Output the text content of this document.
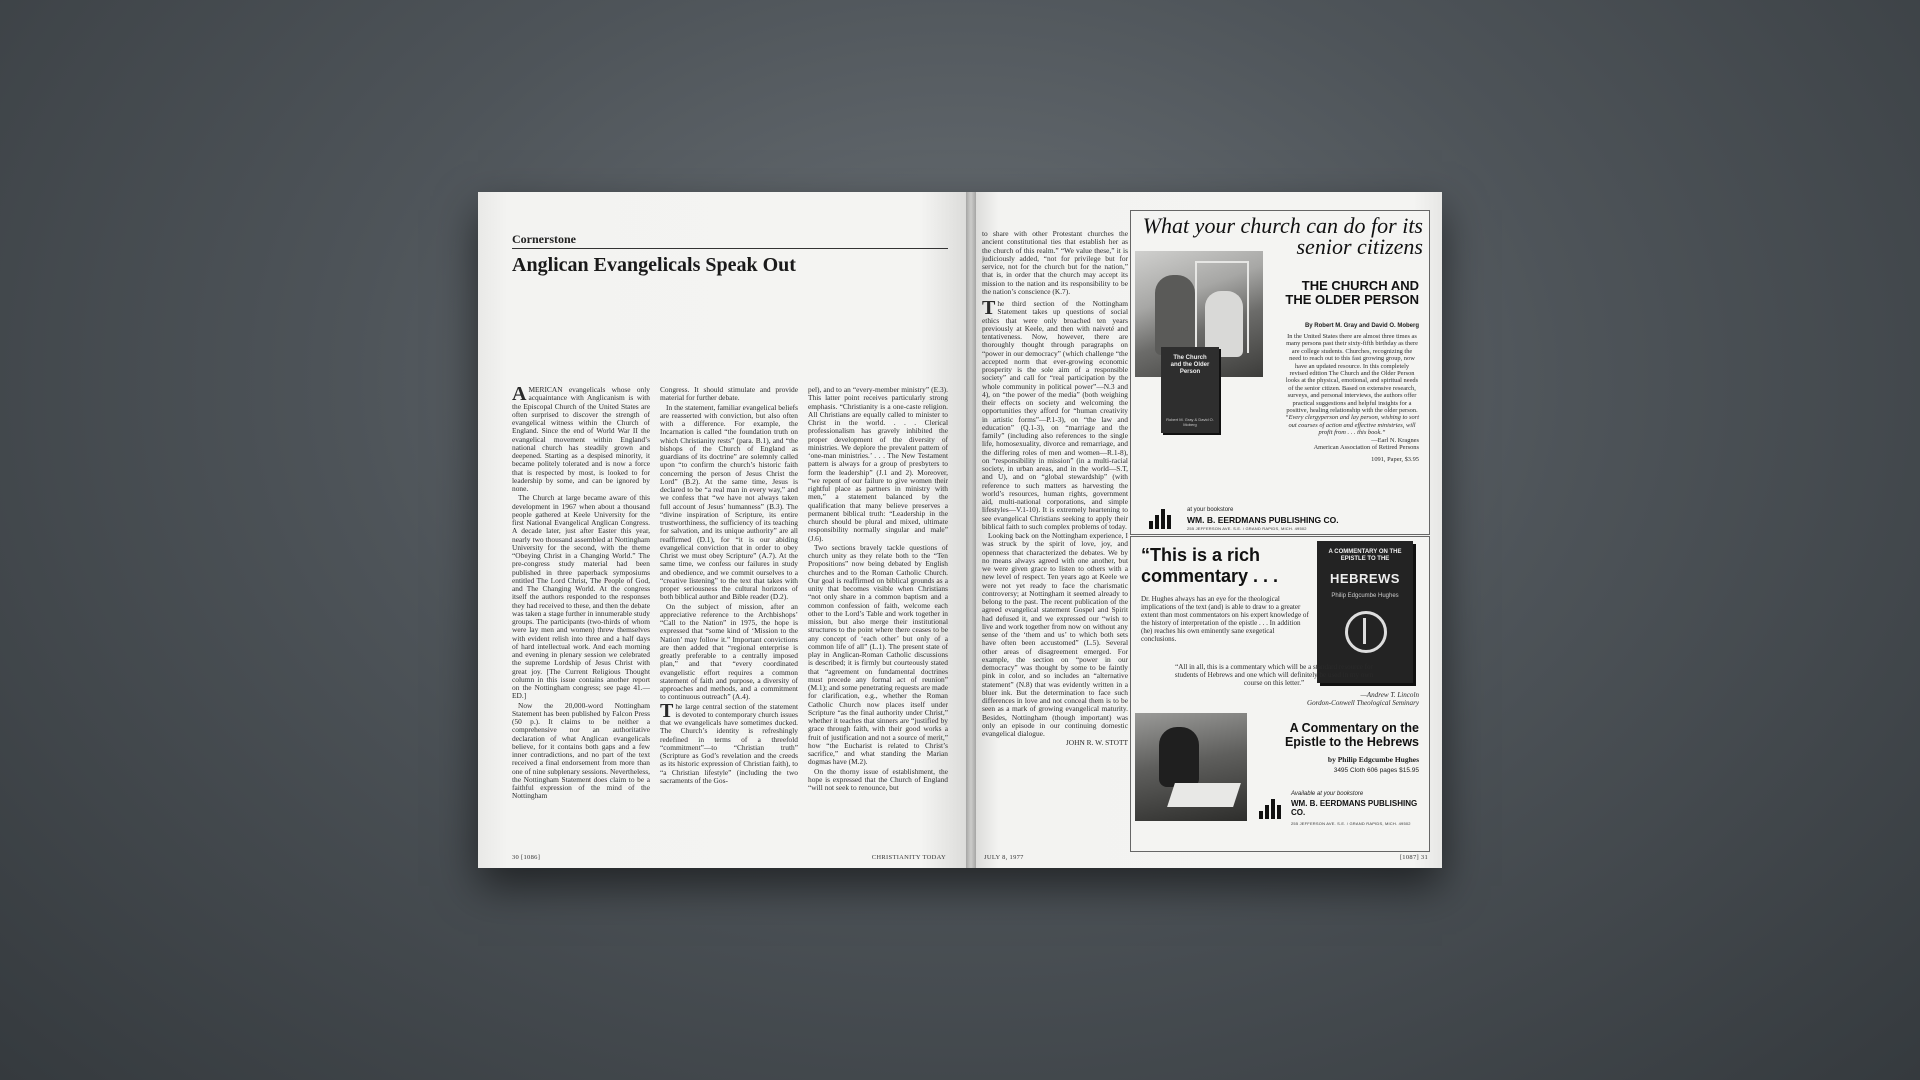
Cornerstone
Anglican Evangelicals Speak Out

AMERICAN evangelicals whose only acquaintance with Anglicanism is with the Episcopal Church of the United States are often surprised to discover the strength of evangelical witness within the Church of England. Since the end of World War II the evangelical movement within England’s national church has steadily grown and deepened. Starting as a despised minority, it became politely tolerated and is now a force that is respected by most, is looked to for leadership by some, and can be ignored by none.

The Church at large became aware of this development in 1967 when about a thousand people gathered at Keele University for the first National Evangelical Anglican Congress. A decade later, just after Easter this year, nearly two thousand assembled at Nottingham University for the second, with the theme “Obeying Christ in a Changing World.” The pre-congress study material had been published in three paperback symposiums entitled The Lord Christ, The People of God, and The Changing World. At the congress itself the authors responded to the responses they had received to these, and then the debate was taken a stage further in innumerable study groups. The participants (two-thirds of whom were lay men and women) threw themselves with evident relish into three and a half days of hard intellectual work. And each morning and evening in plenary session we celebrated the supreme Lordship of Jesus Christ with great joy. [The Current Religious Thought column in this issue contains another report on the Nottingham congress; see page 41.—ED.]

Now the 20,000-word Nottingham Statement has been published by Falcon Press (50 p.). It claims to be neither a comprehensive nor an authoritative declaration of what Anglican evangelicals believe, for it contains both gaps and a few inner contradictions, and no part of the text received a final endorsement from more than one of nine subplenary sessions. Nevertheless, the Nottingham Statement does claim to be a faithful expression of the mind of the Nottingham

Congress. It should stimulate and provide material for further debate.

In the statement, familiar evangelical beliefs are reasserted with conviction, but also often with a difference. For example, the Incarnation is called “the foundation truth on which Christianity rests” (para. B.1), and “the bishops of the Church of England as guardians of its doctrine” are solemnly called upon “to confirm the church’s historic faith concerning the person of Jesus Christ the Lord” (B.2). At the same time, Jesus is declared to be “a real man in every way,” and we confess that “we have not always taken full account of Jesus’ humanness” (B.3). The “divine inspiration of Scripture, its entire trustworthiness, the sufficiency of its teaching for salvation, and its unique authority” are all reaffirmed (D.1), for “it is our abiding evangelical conviction that in order to obey Christ we must obey Scripture” (A.7). At the same time, we confess our failures in study and obedience, and we commit ourselves to a “creative listening” to the text that takes with proper seriousness the cultural horizons of both biblical author and Bible reader (D.2).

On the subject of mission, after an appreciative reference to the Archbishops’ “Call to the Nation” in 1975, the hope is expressed that “some kind of ‘Mission to the Nation’ may follow it.” Important convictions are then added that “regional enterprise is greatly preferable to a centrally imposed plan,” and that “every coordinated evangelistic effort requires a common statement of faith and purpose, a diversity of approaches and methods, and a commitment to continuous outreach” (A.4).

The large central section of the statement is devoted to contemporary church issues that we evangelicals have sometimes ducked. The Church’s identity is refreshingly redefined in terms of a threefold “commitment”—to “Christian truth” (Scripture as God’s revelation and the creeds as its historic expression of Christian faith), to “a Christian lifestyle” (including the two sacraments of the Gos-

pel), and to an “every-member ministry” (E.3). This latter point receives particularly strong emphasis. “Christianity is a one-caste religion. All Christians are equally called to minister to Christ in the world. . . . Clerical professionalism has gravely inhibited the proper development of the diversity of ministries. We deplore the prevalent pattern of ‘one-man ministries.’ . . . The New Testament pattern is always for a group of presbyters to form the leadership” (J.1 and 2). Moreover, “we repent of our failure to give women their rightful place as partners in ministry with men,” a statement balanced by the qualification that many believe preserves a permanent biblical truth: “Leadership in the church should be plural and mixed, ultimate responsibility normally singular and male” (J.6).

Two sections bravely tackle questions of church unity as they relate both to the “Ten Propositions” now being debated by English churches and to the Roman Catholic Church. Our goal is reaffirmed on biblical grounds as a unity that becomes visible when Christians “not only share in a common baptism and a common confession of faith, welcome each other to the Lord’s Table and work together in mission, but also merge their institutional structures to the point where there ceases to be any concept of ‘each other’ but only of a common life of all” (L.1). The present state of play in Anglican-Roman Catholic discussions is described; it is firmly but courteously stated that “agreement on fundamental doctrines must precede any formal act of reunion” (M.1); and some penetrating requests are made for clarification, e.g., whether the Roman Catholic Church now places itself under Scripture “as the final authority under Christ,” whether it teaches that sinners are “justified by grace through faith, with their good works a fruit of justification and not a source of merit,” how “the Eucharist is related to Christ’s sacrifice,” and what standing the Marian dogmas have (M.2).

On the thorny issue of establishment, the hope is expressed that the Church of England “will not seek to renounce, but

30 [1086]	CHRISTIANITY TODAY

to share with other Protestant churches the ancient constitutional ties that establish her as the church of this realm.” “We value these,” it is judiciously added, “not for privilege but for service, not for the church but for the nation,” that is, in order that the church may accept its mission to the nation and its responsibility to be the nation’s conscience (K.7).

The third section of the Nottingham Statement takes up questions of social ethics that were only broached ten years previously at Keele, and then with naiveté and tentativeness. Now, however, there are thoroughly thought through paragraphs on “power in our democracy” (which challenge “the accepted norm that ever-growing economic prosperity is the sole aim of a responsible society” and call for “real participation by the whole community in political power”—N.3 and 4), on “the power of the media” (both weighing their effects on society and welcoming the opportunities they afford for “human creativity in artistic forms”—P.1-3), on “the law and education” (Q.1-3), on “marriage and the family” (including also references to the single life, homosexuality, divorce and remarriage, and the differing roles of men and women—R.1-8), on “responsibility in mission” (in a multi-racial society, in urban areas, and in the world—S.T, and U), and on “global stewardship” (with reference to such matters as harvesting the world’s resources, human rights, government aid, multi-national corporations, and simple lifestyles—V.1-10). It is extremely heartening to see evangelical Christians seeking to apply their biblical faith to such complex problems of today.

Looking back on the Nottingham experience, I was struck by the spirit of love, joy, and openness that characterized the debates. We by no means always agreed with one another, but we were given grace to listen to others with a new level of respect. Ten years ago at Keele we were not yet ready to face the charismatic controversy; at Nottingham it seemed already to belong to the past. The recent publication of the agreed evangelical statement Gospel and Spirit had defused it, and we expressed our “wish to live and work together from now on without any sense of the ‘them and us’ to which both sets have often been accustomed” (L.5). Several other areas of disagreement emerged. For example, the section on “power in our democracy” was thought by some to be faintly pink in color, and so includes an “alternative statement” (N.8) that was evidently written in a bluer ink. But the determination to face such differences in love and not conceal them is to be seen as a mark of growing evangelical maturity. Besides, Nottingham (though important) was only an episode in our continuing domestic evangelical dialogue.

JOHN R. W. STOTT

What your church can do for its senior citizens
The Church and the Older Person
Robert M. Gray & David O. Moberg
THE CHURCH AND THE OLDER PERSON
By Robert M. Gray and David O. Moberg
In the United States there are almost three times as many persons past their sixty-fifth birthday as there are college students. Churches, recognizing the need to reach out to this fast growing group, now have an updated resource. In this completely revised edition The Church and the Older Person looks at the physical, emotional, and spiritual needs of the senior citizen. Based on extensive research, surveys, and personal interviews, the authors offer practical suggestions and helpful insights for a positive, healing relationship with the older person.
“Every clergyperson and lay person, wishing to sort out courses of action and effective ministries, will profit from . . . this book.”
—Earl N. Kragnes
American Association of Retired Persons
1091, Paper, $3.95
at your bookstore
WM. B. EERDMANS PUBLISHING CO.
255 JEFFERSON AVE. S.E. / GRAND RAPIDS, MICH. 49502
“This is a rich commentary . . .
A COMMENTARY ON THE EPISTLE TO THE
HEBREWS
Philip Edgcumbe Hughes
Dr. Hughes always has an eye for the theological implications of the text (and) is able to draw to a greater extent than most commentators on his expert knowledge of the history of interpretation of the epistle . . . In addition (he) reaches his own eminently sane exegetical conclusions.
“All in all, this is a commentary which will be a standard resource for students of Hebrews and one which will definitely be used in my own course on this letter.”
—Andrew T. Lincoln
Gordon-Conwell Theological Seminary
A Commentary on the Epistle to the Hebrews
by Philip Edgcumbe Hughes
3495 Cloth 606 pages $15.95
Available at your bookstore
WM. B. EERDMANS PUBLISHING CO.
255 JEFFERSON AVE. S.E. / GRAND RAPIDS, MICH. 49502
JULY 8, 1977	[1087] 31
